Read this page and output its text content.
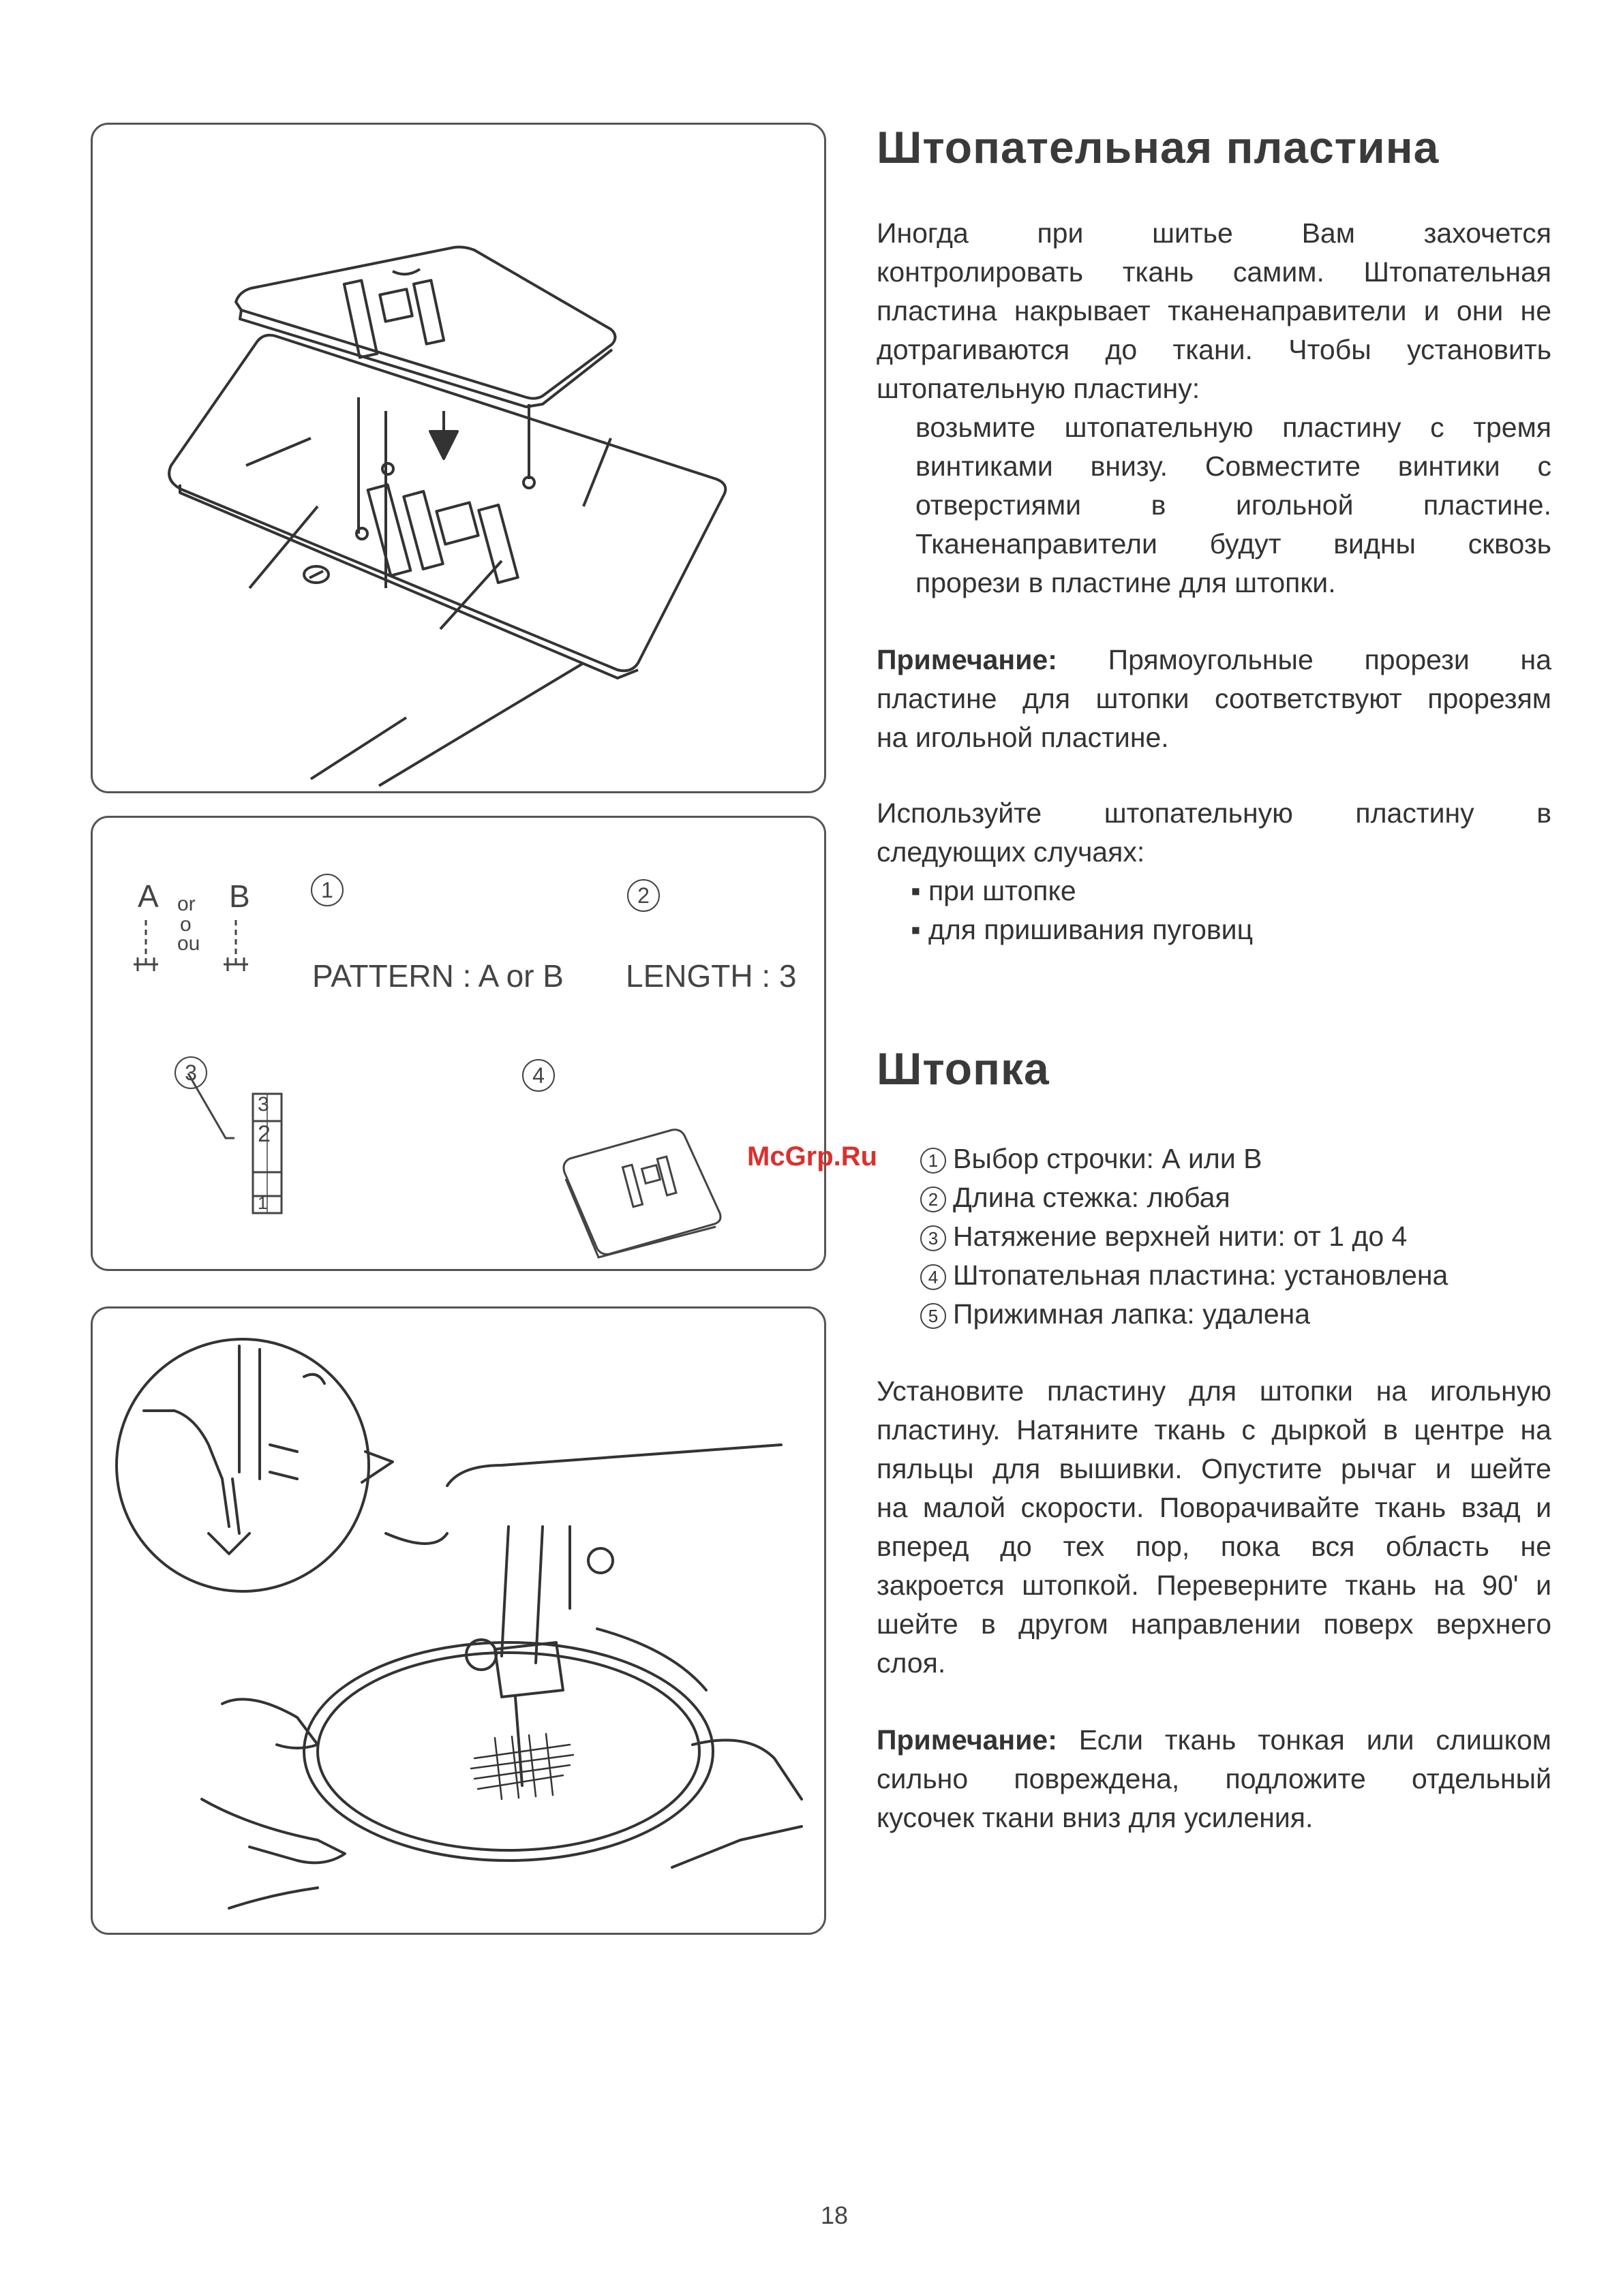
A B
or
o
ou
2
3
1
1	2
3	4
PATTERN : A or B LENGTH : 3
Штопательная пластина
Иногда при шитье Вам захочется
контролировать ткань самим. Штопательная
пластина накрывает тканенаправители и они не
дотрагиваются до ткани. Чтобы установить
штопательную пластину:
возьмите штопательную пластину с тремя
винтиками внизу. Совместите винтики с
отверстиями в игольной пластине.
Тканенаправители будут видны сквозь
прорези в пластине для штопки.
Примечание: Прямоугольные прорези на
пластине для штопки соответствуют прорезям
на игольной пластине.
Используйте штопательную пластину в
следующих случаях:
▪ при штопке
▪ для пришивания пуговиц
Штопка
McGrp.Ru	1 Выбор строчки: А или В
2 Длина стежка: любая
3 Натяжение верхней нити: от 1 до 4
4 Штопательная пластина: установлена
5 Прижимная лапка: удалена
Установите пластину для штопки на игольную
пластину. Натяните ткань с дыркой в центре на
пяльцы для вышивки. Опустите рычаг и шейте
на малой скорости. Поворачивайте ткань взад и
вперед до тех пор, пока вся область не
закроется штопкой. Переверните ткань на 90' и
шейте в другом направлении поверх верхнего
слоя.
Примечание: Если ткань тонкая или слишком
сильно повреждена, подложите отдельный
кусочек ткани вниз для усиления.
18
